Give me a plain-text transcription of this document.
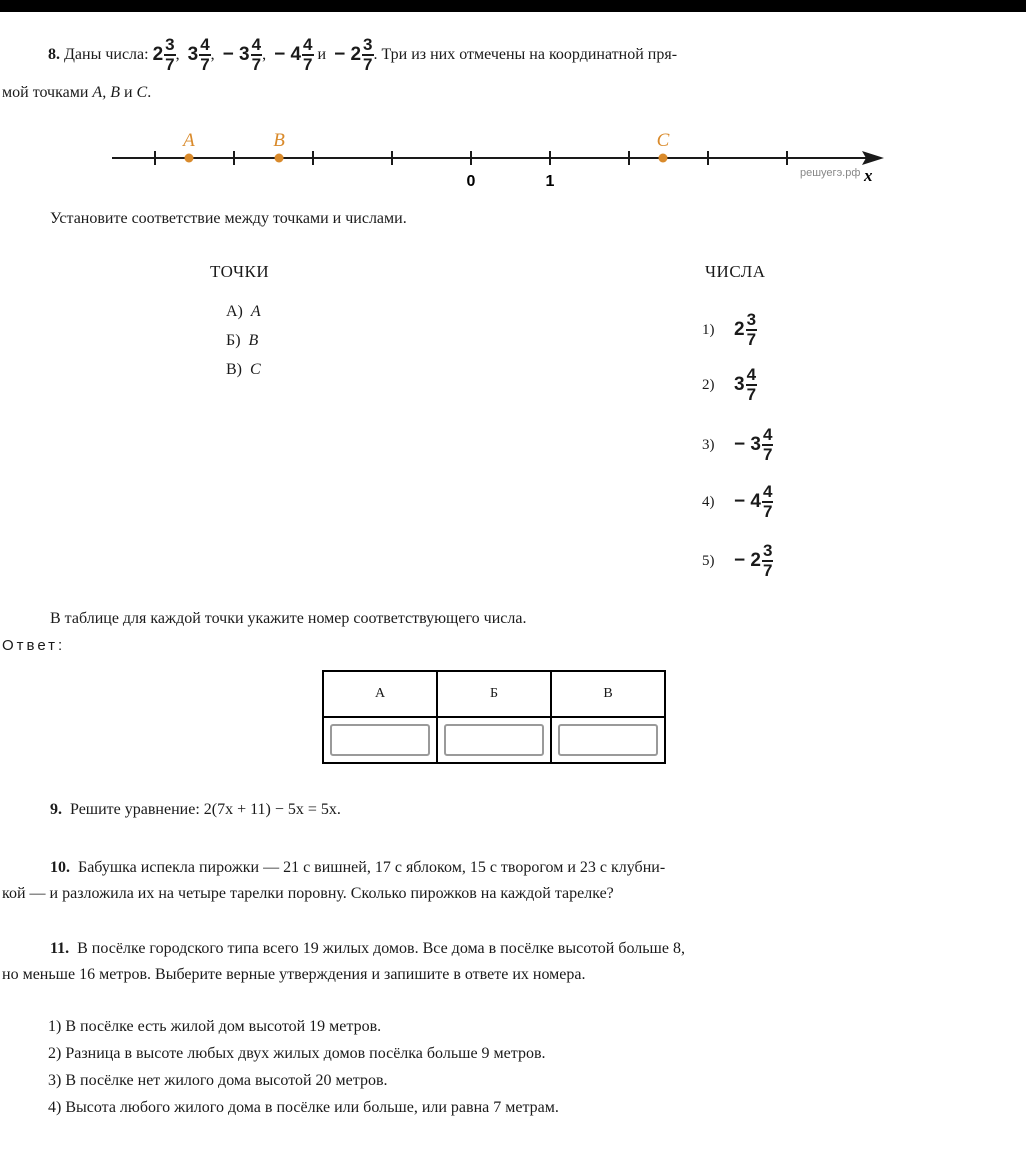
8.
Даны числа:
$2 \frac{3}{7}$ , $3 \frac{4}{7}$ , − $3 \frac{4}{7}$ , − $4 \frac{4}{7}$ $и - 2 \frac{3}{7}$ . Три из них отмечены на координатной пря-
мой точками A, B и C.
A	B	C
0	1	решуегэ.рф x
Установите соответствие между точками и числами.
ТОЧКИ	ЧИСЛА
А)  A
Б)  B
В)  C
1)	$2 \frac{3}{7}$
2)	$3 \frac{4}{7}$
3)	− $3 \frac{4}{7}$
4)	− $4 \frac{4}{7}$
5)	− $2 \frac{3}{7}$
В таблице для каждой точки укажите номер соответствующего числа.
Ответ:
А	Б	В

9. Решите уравнение: 2(7x + 11) − 5x = 5x.
10. Бабушка испекла пирожки — 21 с вишней, 17 с яблоком, 15 с творогом и 23 с клубни-
кой — и разложила их на четыре тарелки поровну. Сколько пирожков на каждой тарелке?
11. В посёлке городского типа всего 19 жилых домов. Все дома в посёлке высотой больше 8,
но меньше 16 метров. Выберите верные утверждения и запишите в ответе их номера.
1) В посёлке есть жилой дом высотой 19 метров.
2) Разница в высоте любых двух жилых домов посёлка больше 9 метров.
3) В посёлке нет жилого дома высотой 20 метров.
4) Высота любого жилого дома в посёлке или больше, или равна 7 метрам.
